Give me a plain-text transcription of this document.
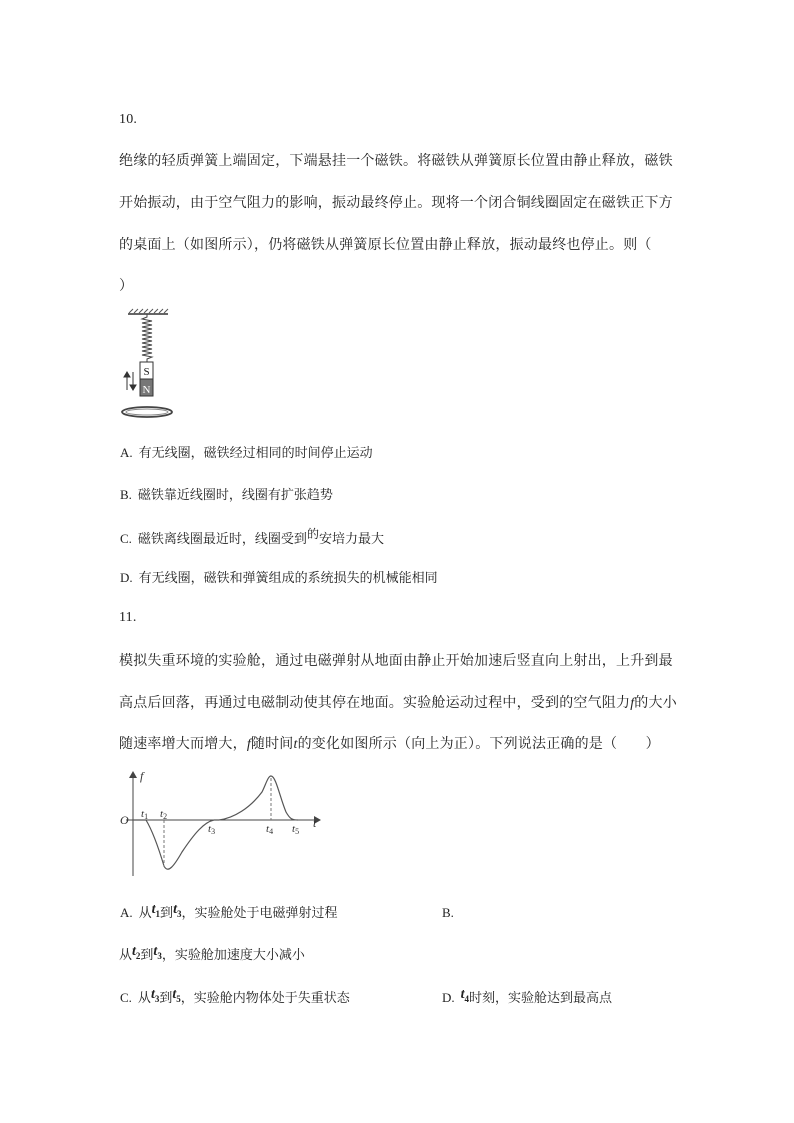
10.
绝缘的轻质弹簧上端固定，下端悬挂一个磁铁。将磁铁从弹簧原长位置由静止释放，磁铁
开始振动，由于空气阻力的影响，振动最终停止。现将一个闭合铜线圈固定在磁铁正下方
的桌面上（如图所示），仍将磁铁从弹簧原长位置由静止释放，振动最终也停止。则（
）
S
N
A. 有无线圈，磁铁经过相同的时间停止运动
B. 磁铁靠近线圈时，线圈有扩张趋势
C. 磁铁离线圈最近时，线圈受到的安培力最大
D. 有无线圈，磁铁和弹簧组成的系统损失的机械能相同
11.
模拟失重环境的实验舱，通过电磁弹射从地面由静止开始加速后竖直向上射出，上升到最
高点后回落，再通过电磁制动使其停在地面。实验舱运动过程中，受到的空气阻力f的大小
随速率增大而增大，f随时间t的变化如图所示（向上为正）。下列说法正确的是（　　）
f
t
O t1 t2
t3	t4 t5
A. 从$t_1$到$t_3$，实验舱处于电磁弹射过程	B.
从$t_2$到$t_3$，实验舱加速度大小减小
C. 从$t_3$到$t_5$，实验舱内物体处于失重状态	D. $t_4$时刻，实验舱达到最高点
